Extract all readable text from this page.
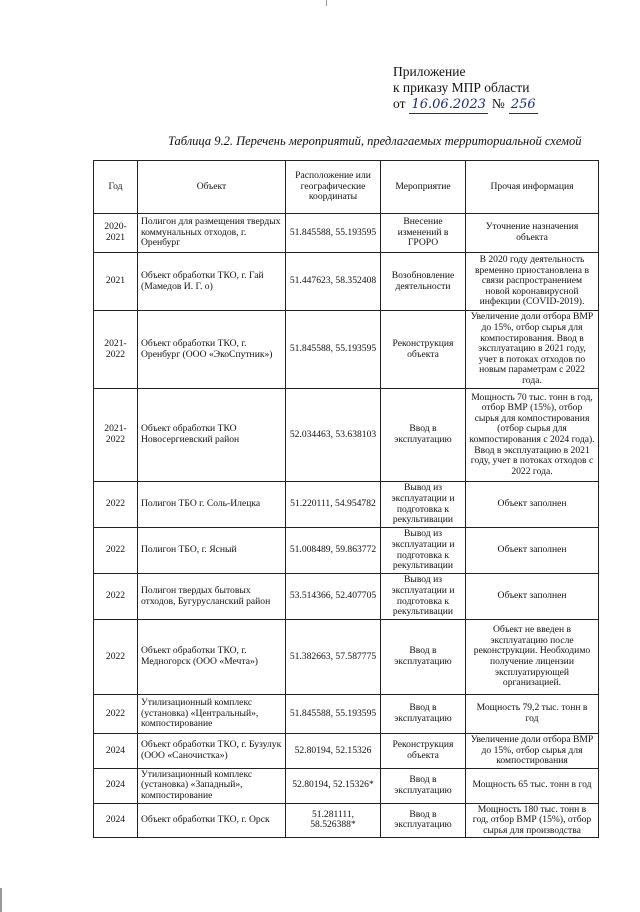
Приложение
к приказу МПР области
от 16.06.2023 № 256
Таблица 9.2. Перечень мероприятий, предлагаемых территориальной схемой
Год	Объект	Расположение или географические координаты	Мероприятие	Прочая информация
2020-2021	Полигон для размещения твердых коммунальных отходов, г. Оренбург	51.845588, 55.193595	Внесение изменений в ГРОРО	Уточнение назначения объекта
2021	Объект обработки ТКО, г. Гай (Мамедов И. Г. о)	51.447623, 58.352408	Возобновление деятельности	В 2020 году деятельность временно приостановлена в связи распространением новой коронавирусной инфекции (COVID-2019).
2021-2022	Объект обработки ТКО, г. Оренбург (ООО «ЭкоСпутник»)	51.845588, 55.193595	Реконструкция объекта	Увеличение доли отбора ВМР до 15%, отбор сырья для компостирования. Ввод в эксплуатацию в 2021 году, учет в потоках отходов по новым параметрам с 2022 года.
2021-2022	Объект обработки ТКО Новосергиевский район	52.034463, 53.638103	Ввод в эксплуатацию	Мощность 70 тыс. тонн в год, отбор ВМР (15%), отбор сырья для компостирования (отбор сырья для компостирования с 2024 года). Ввод в эксплуатацию в 2021 году, учет в потоках отходов с 2022 года.
2022	Полигон ТБО г. Соль-Илецка	51.220111, 54.954782	Вывод из эксплуатации и подготовка к рекультивации	Объект заполнен
2022	Полигон ТБО, г. Ясный	51.008489, 59.863772	Вывод из эксплуатации и подготовка к рекультивации	Объект заполнен
2022	Полигон твердых бытовых отходов, Бугурусланский район	53.514366, 52.407705	Вывод из эксплуатации и подготовка к рекультивации	Объект заполнен
2022	Объект обработки ТКО, г. Медногорск (ООО «Мечта»)	51.382663, 57.587775	Ввод в эксплуатацию	Объект не введен в эксплуатацию после реконструкции. Необходимо получение лицензии эксплуатирующей организацией.
2022	Утилизационный комплекс (установка) «Центральный», компостирование	51.845588, 55.193595	Ввод в эксплуатацию	Мощность 79,2 тыс. тонн в год
2024	Объект обработки ТКО, г. Бузулук (ООО «Саночистка»)	52.80194, 52.15326	Реконструкция объекта	Увеличение доли отбора ВМР до 15%, отбор сырья для компостирования
2024	Утилизационный комплекс (установка) «Западный», компостирование	52.80194, 52.15326*	Ввод в эксплуатацию	Мощность 65 тыс. тонн в год
2024	Объект обработки ТКО, г. Орск	51.281111, 58.526388*	Ввод в эксплуатацию	Мощность 180 тыс. тонн в год, отбор ВМР (15%), отбор сырья для производства
